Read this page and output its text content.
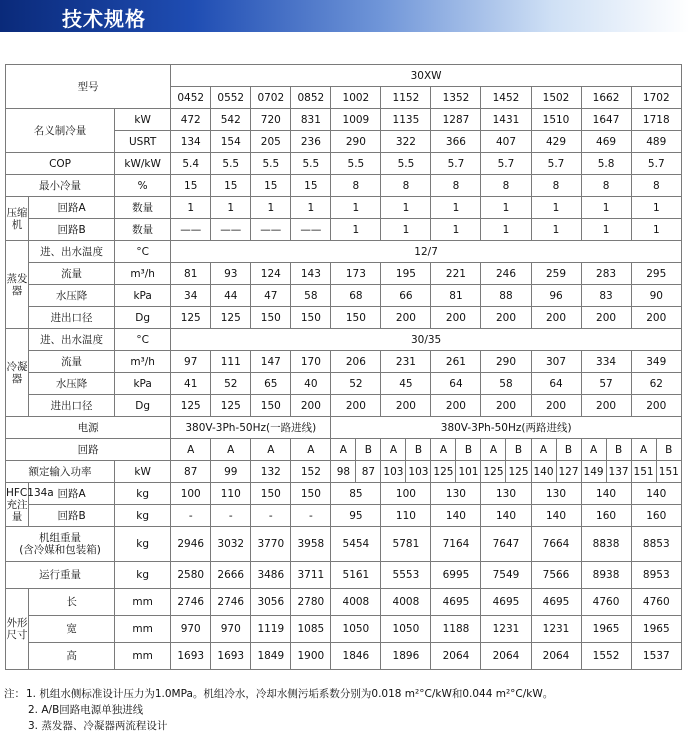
技术规格
型号			30XW																	
			0452	0552	0702	0852	1002		1152		1352		1452		1502		1662		1702	
名义制冷量		kW	472	542	720	831	1009		1135		1287		1431		1510		1647		1718	
		USRT	134	154	205	236	290		322		366		407		429		469		489	
COP		kW/kW	5.4	5.5	5.5	5.5	5.5		5.5		5.7		5.7		5.7		5.8		5.7	
最小冷量		%	15	15	15	15	8		8		8		8		8		8		8	
压缩机	回路A	数量	1	1	1	1	1		1		1		1		1		1		1	
	回路B	数量	——	——	——	——	1		1		1		1		1		1		1	
蒸发器	进、出水温度	°C	12/7																	
	流量	m³/h	81	93	124	143	173		195		221		246		259		283		295	
	水压降	kPa	34	44	47	58	68		66		81		88		96		83		90	
	进出口径	Dg	125	125	150	150	150		200		200		200		200		200		200	
冷凝器	进、出水温度	°C	30/35																	
	流量	m³/h	97	111	147	170	206		231		261		290		307		334		349	
	水压降	kPa	41	52	65	40	52		45		64		58		64		57		62	
	进出口径	Dg	125	125	150	200	200		200		200		200		200		200		200	
电源			380V-3Ph-50Hz(一路进线)				380V-3Ph-50Hz(两路进线)													
回路			A	A	A	A	A	B	A	B	A	B	A	B	A	B	A	B	A	B
额定输入功率		kW	87	99	132	152	98	87	103	103	125	101	125	125	140	127	149	137	151	151
HFC134a充注量	回路A	kg	100	110	150	150	85		100		130		130		130		140		140	
	回路B	kg	-	-	-	-	95		110		140		140		140		160		160	
机组重量
(含冷媒和包装箱)		kg	2946	3032	3770	3958	5454		5781		7164		7647		7664		8838		8853	
运行重量		kg	2580	2666	3486	3711	5161		5553		6995		7549		7566		8938		8953	
外形尺寸	长	mm	2746	2746	3056	2780	4008		4008		4695		4695		4695		4760		4760	
	宽	mm	970	970	1119	1085	1050		1050		1188		1231		1231		1965		1965	
	高	mm	1693	1693	1849	1900	1846		1896		2064		2064		2064		1552		1537	
注：1. 机组水侧标准设计压力为1.0MPa。机组冷水，冷却水侧污垢系数分别为0.018 m²°C/kW和0.044 m²°C/kW。
2. A/B回路电源单独进线
3. 蒸发器、冷凝器两流程设计
